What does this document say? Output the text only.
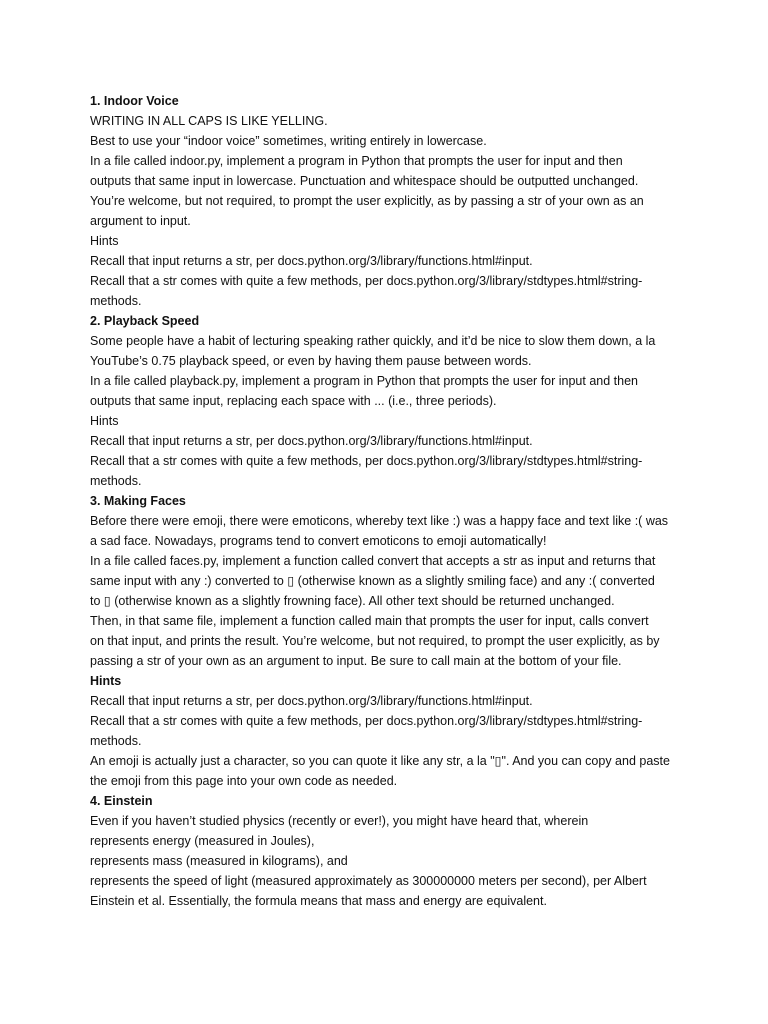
1. Indoor Voice
WRITING IN ALL CAPS IS LIKE YELLING.
Best to use your “indoor voice” sometimes, writing entirely in lowercase.
In a file called indoor.py, implement a program in Python that prompts the user for input and then
outputs that same input in lowercase. Punctuation and whitespace should be outputted unchanged.
You’re welcome, but not required, to prompt the user explicitly, as by passing a str of your own as an
argument to input.
Hints
Recall that input returns a str, per docs.python.org/3/library/functions.html#input.
Recall that a str comes with quite a few methods, per docs.python.org/3/library/stdtypes.html#string-
methods.
2. Playback Speed
Some people have a habit of lecturing speaking rather quickly, and it’d be nice to slow them down, a la
YouTube’s 0.75 playback speed, or even by having them pause between words.
In a file called playback.py, implement a program in Python that prompts the user for input and then
outputs that same input, replacing each space with ... (i.e., three periods).
Hints
Recall that input returns a str, per docs.python.org/3/library/functions.html#input.
Recall that a str comes with quite a few methods, per docs.python.org/3/library/stdtypes.html#string-
methods.
3. Making Faces
Before there were emoji, there were emoticons, whereby text like :) was a happy face and text like :( was
a sad face. Nowadays, programs tend to convert emoticons to emoji automatically!
In a file called faces.py, implement a function called convert that accepts a str as input and returns that
same input with any :) converted to ▯ (otherwise known as a slightly smiling face) and any :( converted
to ▯ (otherwise known as a slightly frowning face). All other text should be returned unchanged.
Then, in that same file, implement a function called main that prompts the user for input, calls convert
on that input, and prints the result. You’re welcome, but not required, to prompt the user explicitly, as by
passing a str of your own as an argument to input. Be sure to call main at the bottom of your file.
Hints
Recall that input returns a str, per docs.python.org/3/library/functions.html#input.
Recall that a str comes with quite a few methods, per docs.python.org/3/library/stdtypes.html#string-
methods.
An emoji is actually just a character, so you can quote it like any str, a la "▯". And you can copy and paste
the emoji from this page into your own code as needed.
4. Einstein
Even if you haven’t studied physics (recently or ever!), you might have heard that, wherein
represents energy (measured in Joules),
represents mass (measured in kilograms), and
represents the speed of light (measured approximately as 300000000 meters per second), per Albert
Einstein et al. Essentially, the formula means that mass and energy are equivalent.
